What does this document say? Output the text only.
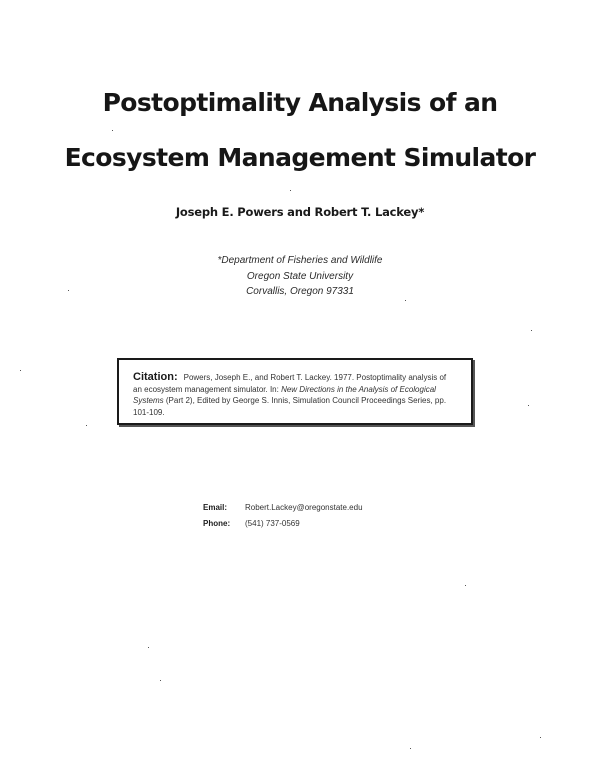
Postoptimality Analysis of an
Ecosystem Management Simulator
Joseph E. Powers and Robert T. Lackey*
*Department of Fisheries and Wildlife
Oregon State University
Corvallis, Oregon 97331
Citation: Powers, Joseph E., and Robert T. Lackey. 1977. Postoptimality analysis of an ecosystem management simulator. In: New Directions in the Analysis of Ecological Systems (Part 2), Edited by George S. Innis, Simulation Council Proceedings Series, pp. 101-109.
Email:	Robert.Lackey@oregonstate.edu
Phone:	(541) 737-0569
